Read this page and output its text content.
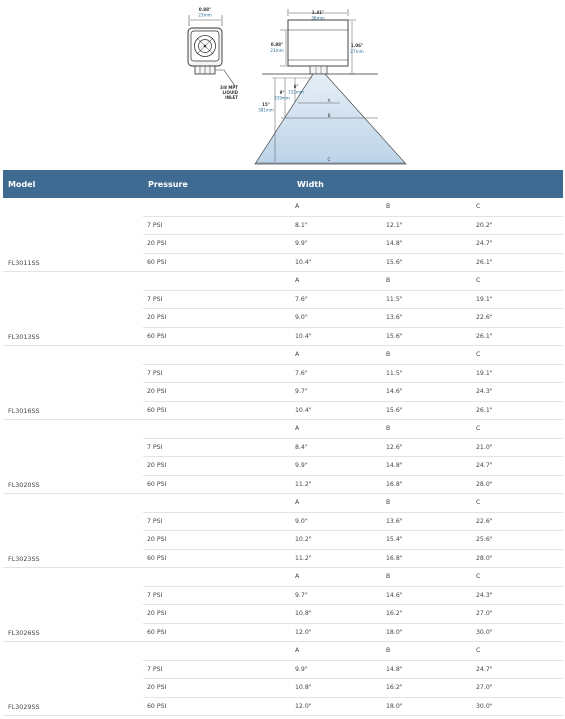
0.88"
23mm
3/8 MPT
LIQUID
INLET
1.41"
36mm
0.88"
23mm
1.06"
27mm
A
B
C
6"
152mm
9"
229mm
15"
381mm
Model	Pressure	Width		
FL3011SS		A	B	C
	7 PSI	8.1"	12.1"	20.2"
	20 PSI	9.9"	14.8"	24.7"
	60 PSI	10.4"	15.6"	26.1"
FL3013SS		A	B	C
	7 PSI	7.6"	11.5"	19.1"
	20 PSI	9.0"	13.6"	22.6"
	60 PSI	10.4"	15.6"	26.1"
FL3016SS		A	B	C
	7 PSI	7.6"	11.5"	19.1"
	20 PSI	9.7"	14.6"	24.3"
	60 PSI	10.4"	15.6"	26.1"
FL3020SS		A	B	C
	7 PSI	8.4"	12.6"	21.0"
	20 PSI	9.9"	14.8"	24.7"
	60 PSI	11.2"	16.8"	28.0"
FL3023SS		A	B	C
	7 PSI	9.0"	13.6"	22.6"
	20 PSI	10.2"	15.4"	25.6"
	60 PSI	11.2"	16.8"	28.0"
FL3026SS		A	B	C
	7 PSI	9.7"	14.6"	24.3"
	20 PSI	10.8"	16.2"	27.0"
	60 PSI	12.0"	18.0"	30.0"
FL3029SS		A	B	C
	7 PSI	9.9"	14.8"	24.7"
	20 PSI	10.8"	16.2"	27.0"
	60 PSI	12.0"	18.0"	30.0"
